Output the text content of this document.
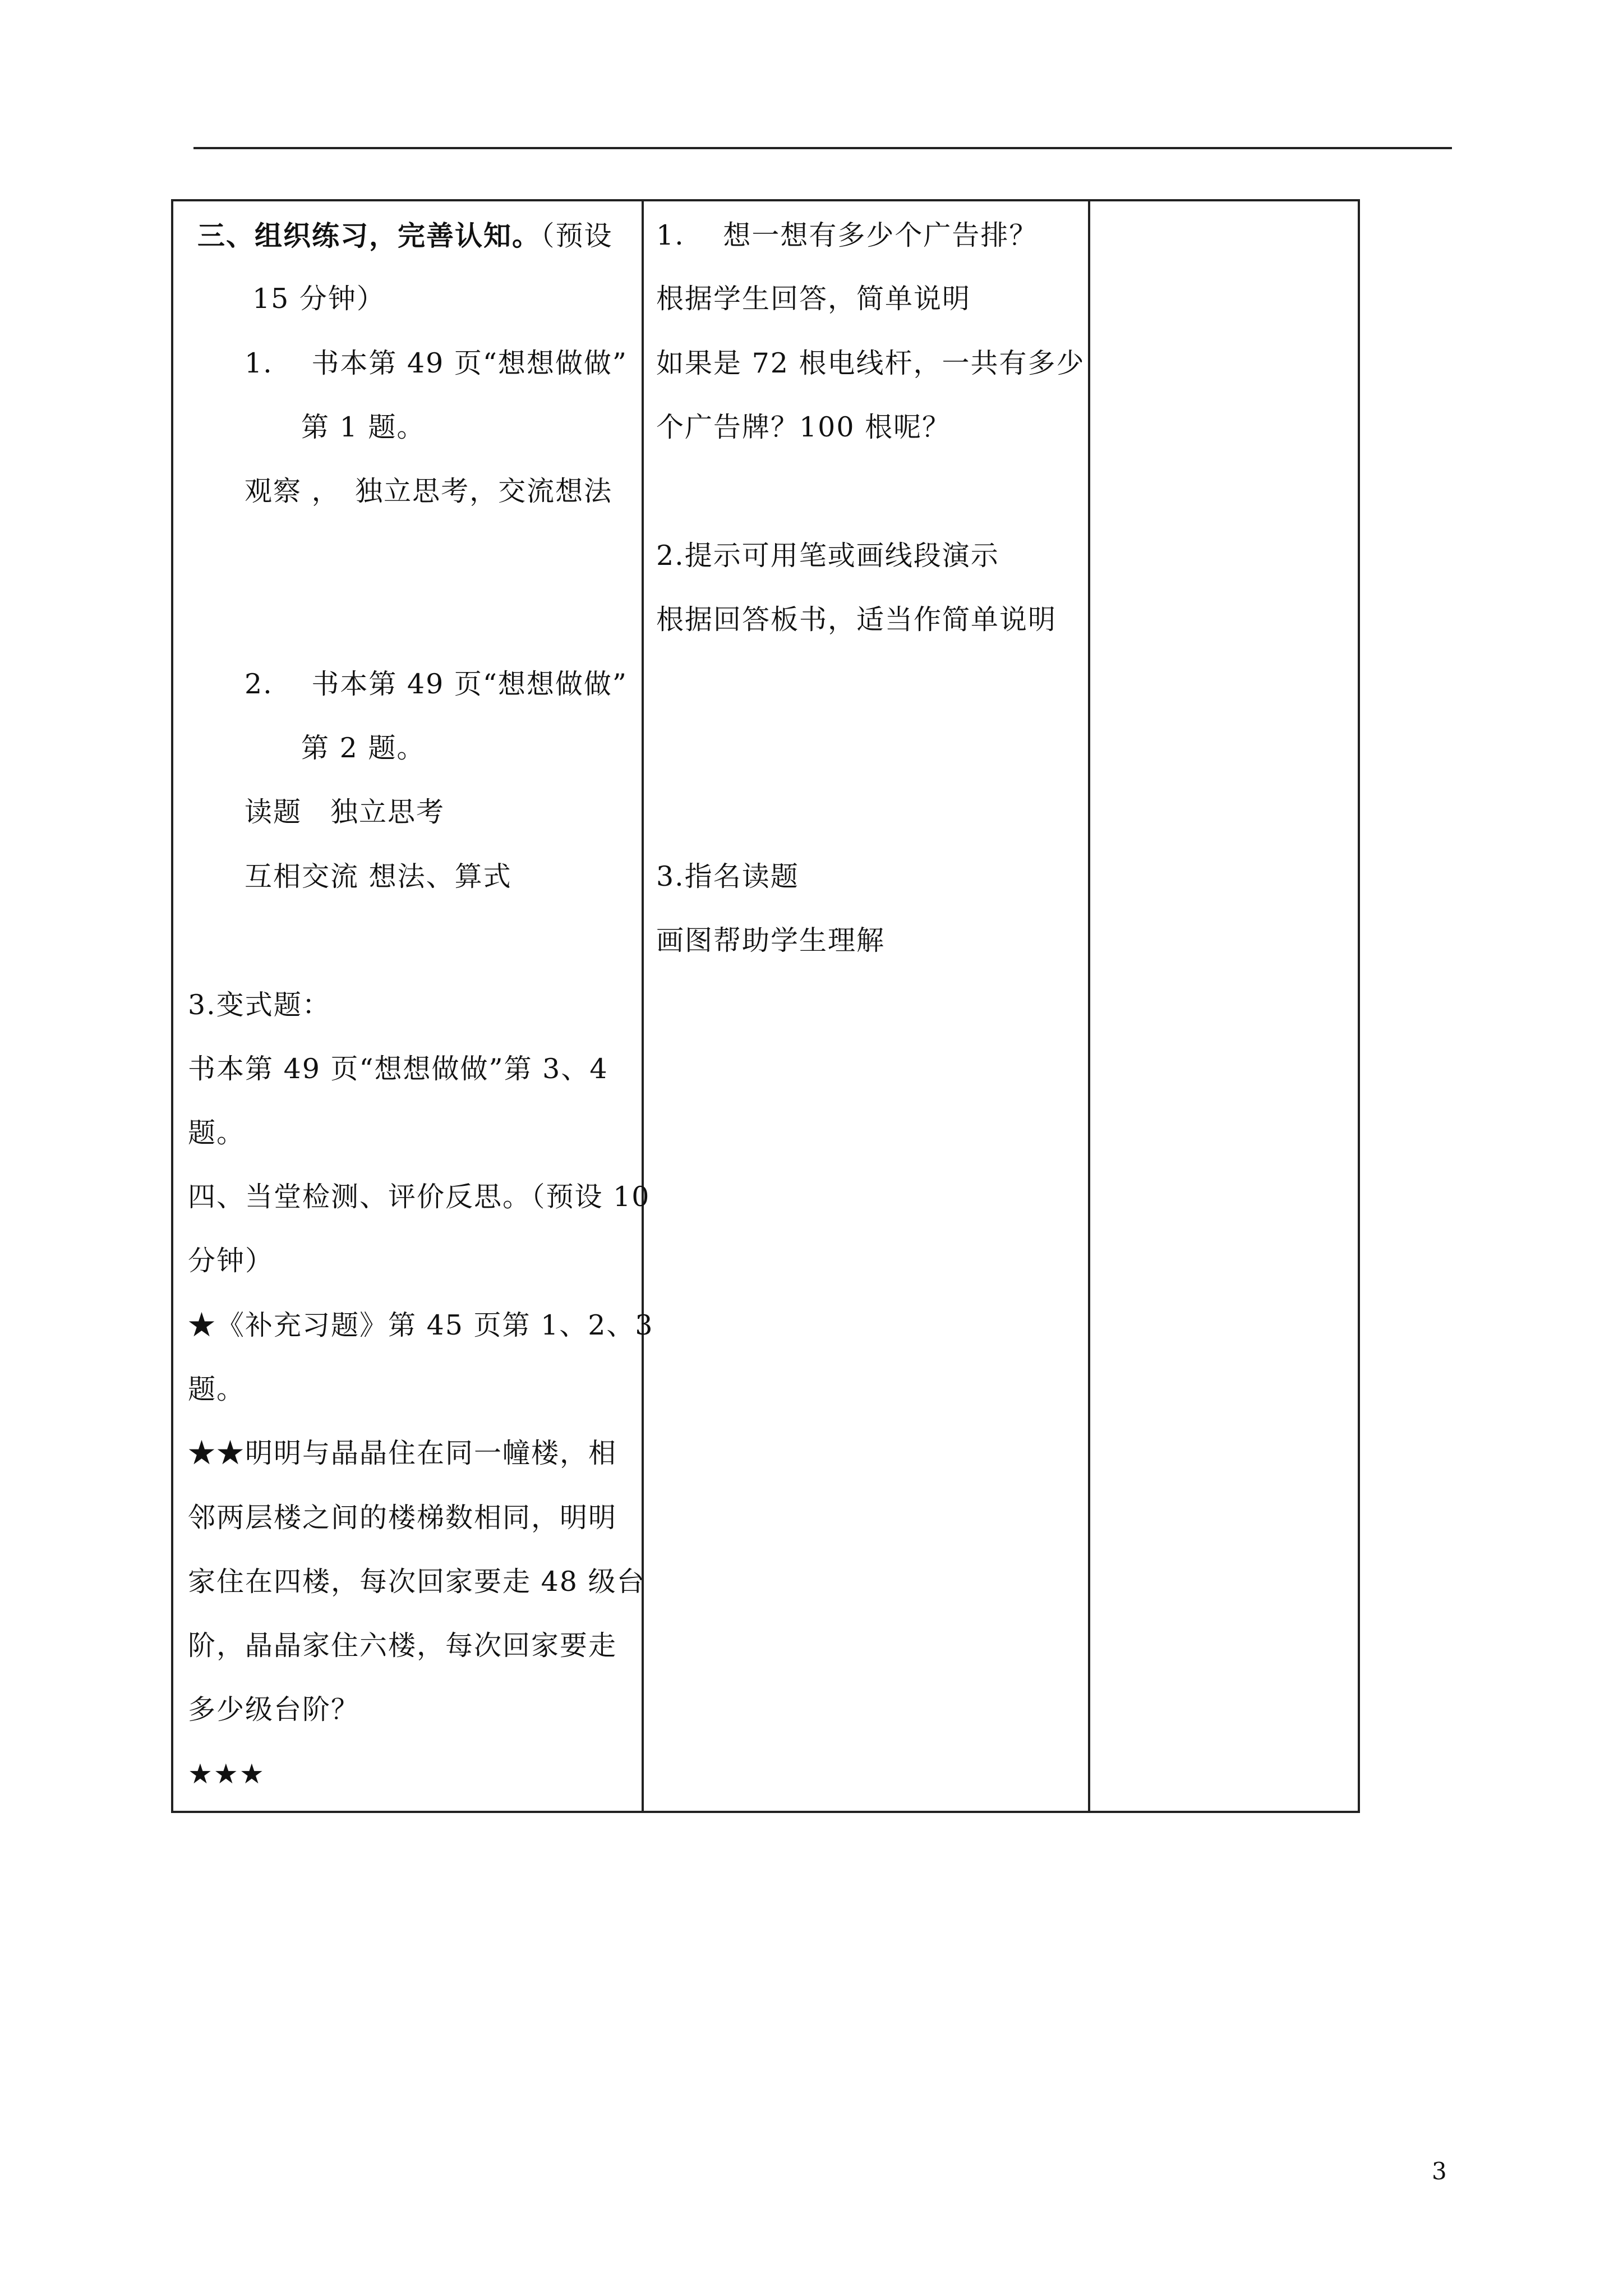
三、组织练习，完善认知。（预设
15 分钟）
1.　 书本第 49 页“想想做做”
第 1 题。
观察 ，　独立思考，交流想法
2.　 书本第 49 页“想想做做”
第 2 题。
读题　独立思考
互相交流 想法、算式
3.变式题：
书本第 49 页“想想做做”第 3、4
题。
四、当堂检测、评价反思。（预设 10
分钟）
★《补充习题》第 45 页第 1、2、3
题。
★★明明与晶晶住在同一幢楼，相
邻两层楼之间的楼梯数相同，明明
家住在四楼，每次回家要走 48 级台
阶，晶晶家住六楼，每次回家要走
多少级台阶？
★★★
1.　 想一想有多少个广告排？
根据学生回答，简单说明
如果是 72 根电线杆，一共有多少
个广告牌？100 根呢？
2.提示可用笔或画线段演示
根据回答板书，适当作简单说明
3.指名读题
画图帮助学生理解
3
